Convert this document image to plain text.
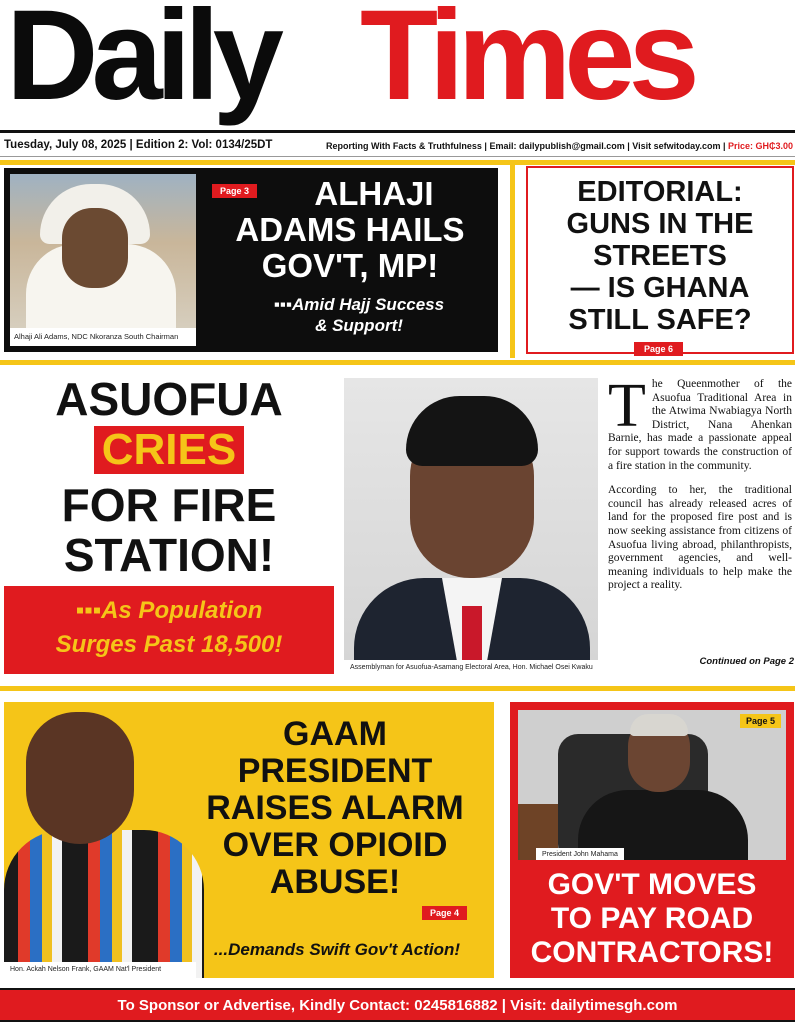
Daily Times
Tuesday, July 08, 2025 | Edition 2: Vol: 0134/25DT	Reporting With Facts & Truthfulness | Email: dailypublish@gmail.com | Visit sefwitoday.com | Price: GH₵3.00
Alhaji Ali Adams, NDC Nkoranza South Chairman
ALHAJI
ADAMS HAILS
GOV'T, MP!
Page 3
▪▪▪Amid Hajj Success
& Support!
EDITORIAL:
GUNS IN THE
STREETS
— IS GHANA
STILL SAFE?
Page 6
ASUOFUA
CRIES
FOR FIRE
STATION!
▪▪▪As Population
Surges Past 18,500!
Assemblyman for Asuofua-Asamang Electoral Area, Hon. Michael Osei Kwaku

The Queenmother of the Asuofua Traditional Area in the Atwima Nwabiagya North District, Nana Ahenkan Barnie, has made a passionate appeal for support towards the construction of a fire station in the community.

According to her, the traditional council has already released acres of land for the proposed fire post and is now seeking assistance from citizens of Asuofua living abroad, philanthropists, government agencies, and well-meaning individuals to help make the project a reality.

Continued on Page 2
Hon. Ackah Nelson Frank, GAAM Nat'l President
GAAM
PRESIDENT
RAISES ALARM
OVER OPIOID
ABUSE!
Page 4
...Demands Swift Gov't Action!
President John Mahama
Page 5
GOV'T MOVES
TO PAY ROAD
CONTRACTORS!
To Sponsor or Advertise, Kindly Contact: 0245816882 | Visit: dailytimesgh.com
